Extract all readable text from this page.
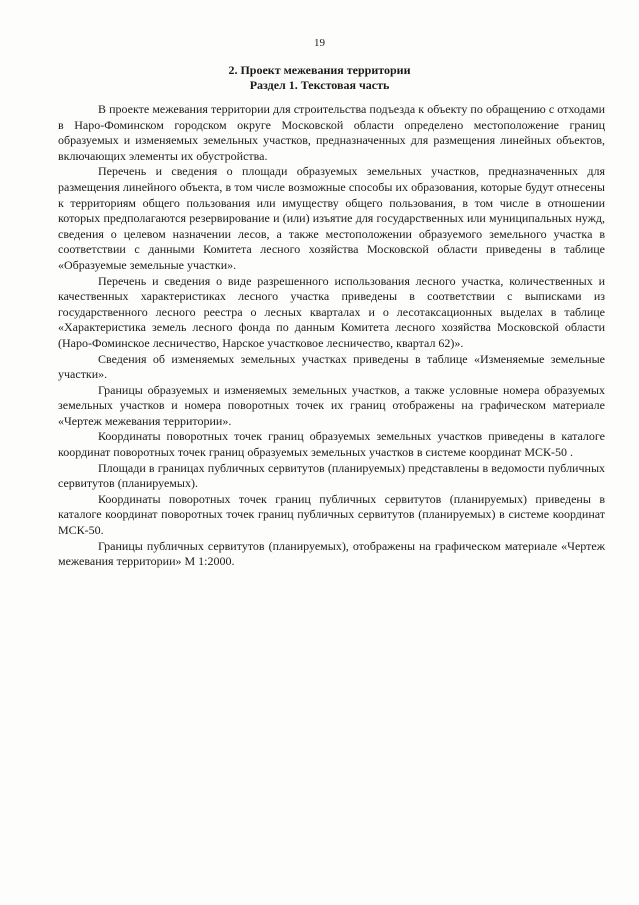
19
2. Проект межевания территории
Раздел 1. Текстовая часть

В проекте межевания территории для строительства подъезда к объекту по обращению с отходами в Наро-Фоминском городском округе Московской области определено местоположение границ образуемых и изменяемых земельных участков, предназначенных для размещения линейных объектов, включающих элементы их обустройства.

Перечень и сведения о площади образуемых земельных участков, предназначенных для размещения линейного объекта, в том числе возможные способы их образования, которые будут отнесены к территориям общего пользования или имуществу общего пользования, в том числе в отношении которых предполагаются резервирование и (или) изъятие для государственных или муниципальных нужд, сведения о целевом назначении лесов, а также местоположении образуемого земельного участка в соответствии с данными Комитета лесного хозяйства Московской области приведены в таблице «Образуемые земельные участки».

Перечень и сведения о виде разрешенного использования лесного участка, количественных и качественных характеристиках лесного участка приведены в соответствии с выписками из государственного лесного реестра о лесных кварталах и о лесотаксационных выделах в таблице «Характеристика земель лесного фонда по данным Комитета лесного хозяйства Московской области (Наро-Фоминское лесничество, Нарское участковое лесничество, квартал 62)».

Сведения об изменяемых земельных участках приведены в таблице «Изменяемые земельные участки».

Границы образуемых и изменяемых земельных участков, а также условные номера образуемых земельных участков и номера поворотных точек их границ отображены на графическом материале «Чертеж межевания территории».

Координаты поворотных точек границ образуемых земельных участков приведены в каталоге координат поворотных точек границ образуемых земельных участков в системе координат МСК-50 .

Площади в границах публичных сервитутов (планируемых) представлены в ведомости публичных сервитутов (планируемых).

Координаты поворотных точек границ публичных сервитутов (планируемых) приведены в каталоге координат поворотных точек границ публичных сервитутов (планируемых) в системе координат МСК-50.

Границы публичных сервитутов (планируемых), отображены на графическом материале «Чертеж межевания территории» М 1:2000.
